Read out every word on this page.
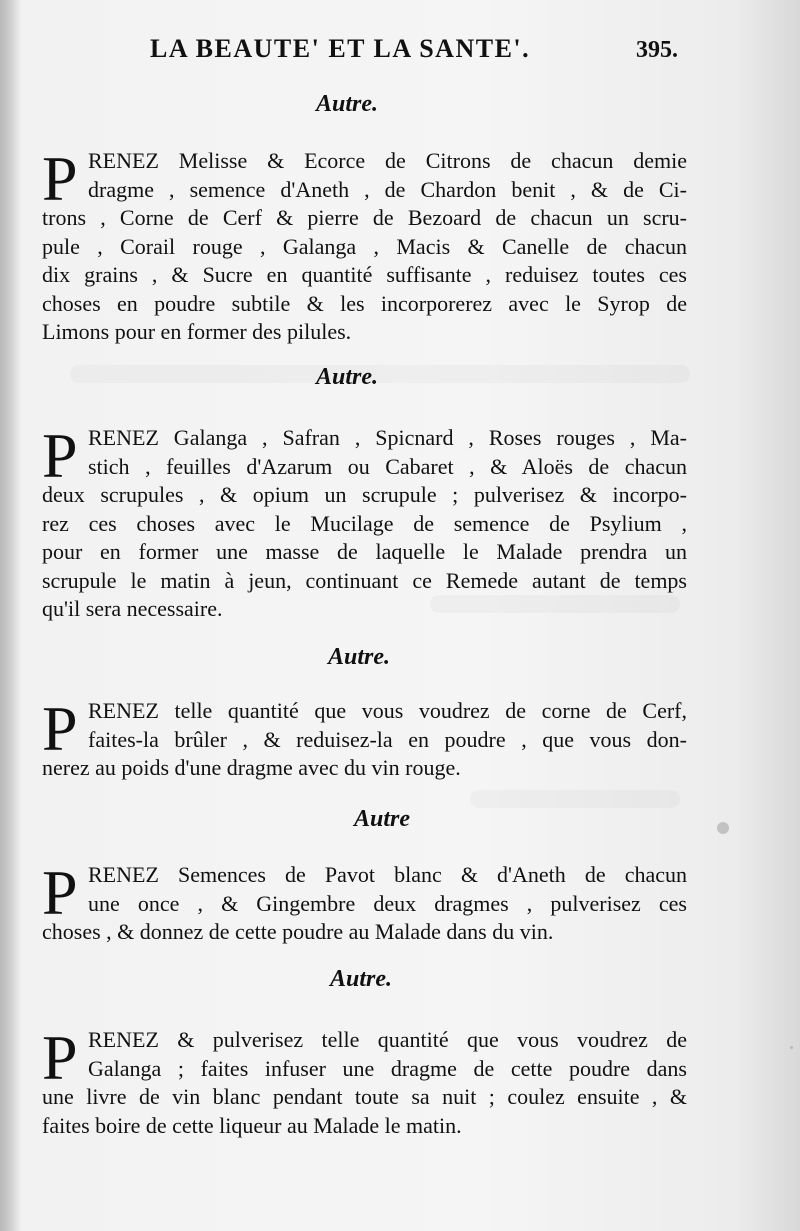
LA BEAUTE' ET LA SANTE'.	395.
Autre.
P RENEZ Melisse & Ecorce de Citrons de chacun demie
dragme , semence d'Aneth , de Chardon benit , & de Ci-
trons , Corne de Cerf & pierre de Bezoard de chacun un scru-
pule , Corail rouge , Galanga , Macis & Canelle de chacun
dix grains , & Sucre en quantité suffisante , reduisez toutes ces
choses en poudre subtile & les incorporerez avec le Syrop de
Limons pour en former des pilules.
Autre.
P RENEZ Galanga , Safran , Spicnard , Roses rouges , Ma-
stich , feuilles d'Azarum ou Cabaret , & Aloës de chacun
deux scrupules , & opium un scrupule ; pulverisez & incorpo-
rez ces choses avec le Mucilage de semence de Psylium ,
pour en former une masse de laquelle le Malade prendra un
scrupule le matin à jeun, continuant ce Remede autant de temps
qu'il sera necessaire.
Autre.
P RENEZ telle quantité que vous voudrez de corne de Cerf,
faites-la brûler , & reduisez-la en poudre , que vous don-
nerez au poids d'une dragme avec du vin rouge.
Autre
P RENEZ Semences de Pavot blanc & d'Aneth de chacun
une once , & Gingembre deux dragmes , pulverisez ces
choses , & donnez de cette poudre au Malade dans du vin.
Autre.
P RENEZ & pulverisez telle quantité que vous voudrez de
Galanga ; faites infuser une dragme de cette poudre dans
une livre de vin blanc pendant toute sa nuit ; coulez ensuite , &
faites boire de cette liqueur au Malade le matin.
